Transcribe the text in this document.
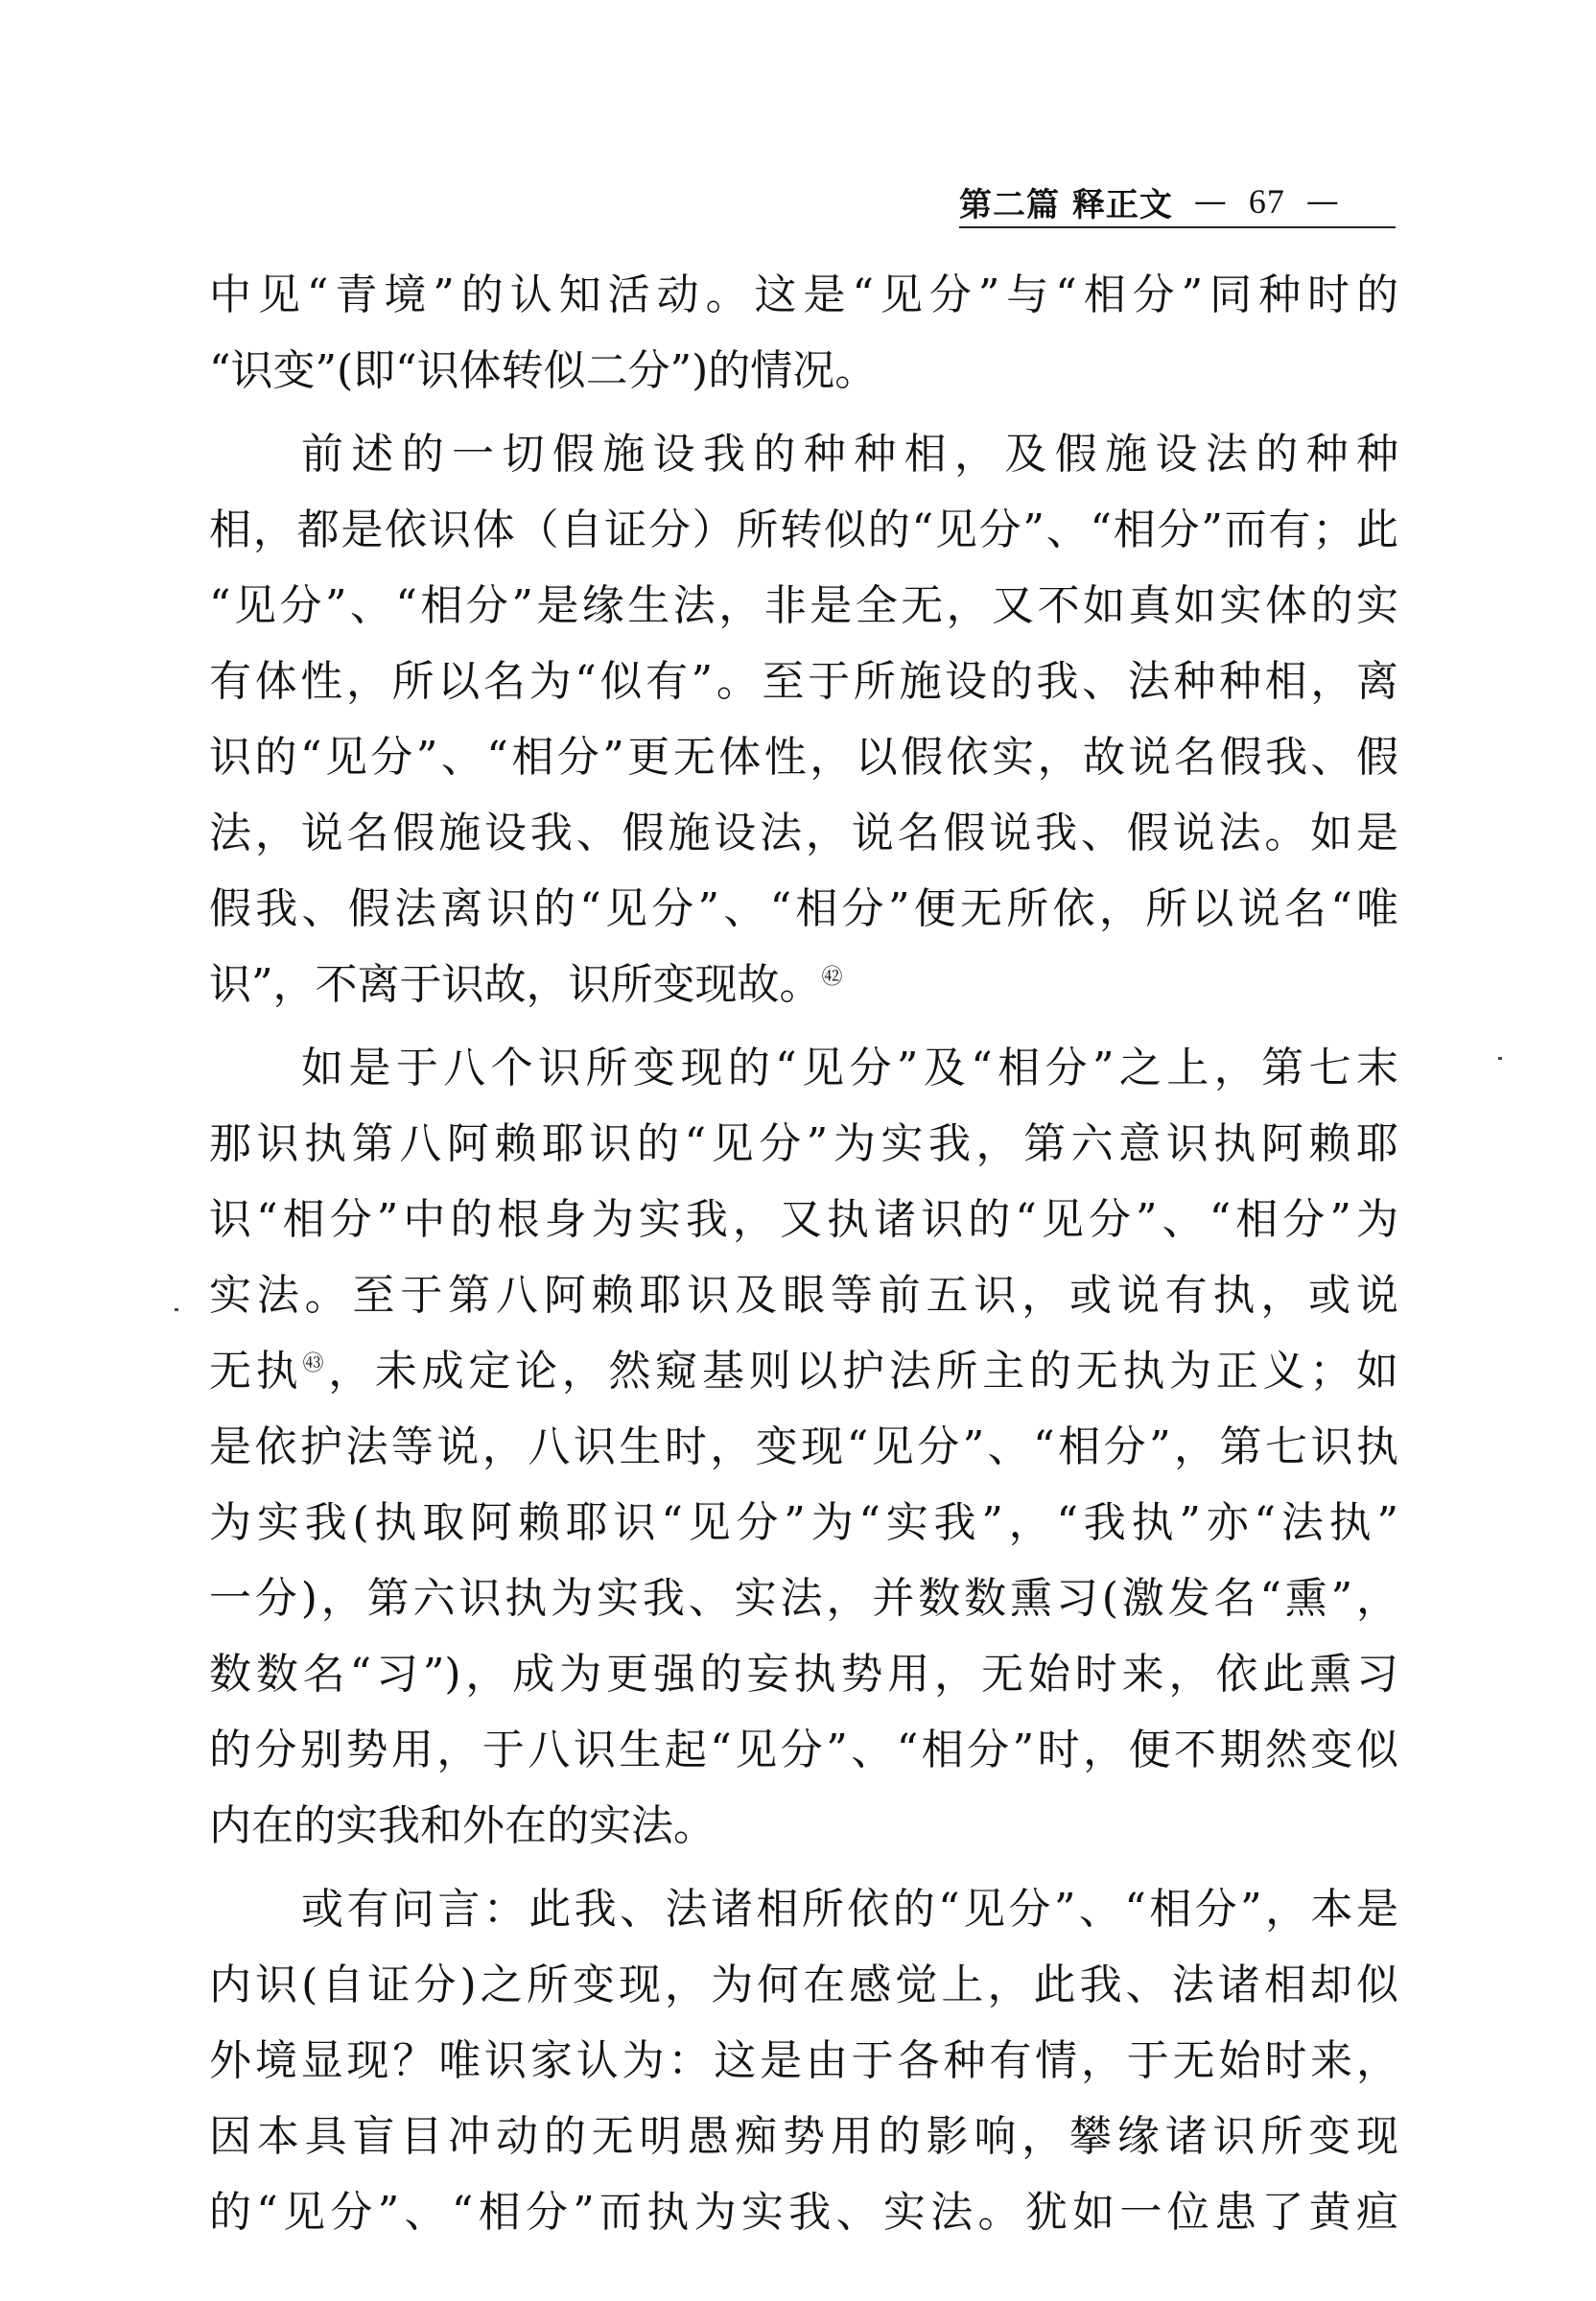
第二篇 释正文 — 67 —
中见“青境”的认知活动。这是“见分”与“相分”同种时的
“识变”(即“识体转似二分”)的情况。
前述的一切假施设我的种种相，及假施设法的种种
相，都是依识体（自证分）所转似的“见分”、“相分”而有；此
“见分”、“相分”是缘生法，非是全无，又不如真如实体的实
有体性，所以名为“似有”。至于所施设的我、法种种相，离
识的“见分”、“相分”更无体性，以假依实，故说名假我、假
法，说名假施设我、假施设法，说名假说我、假说法。如是
假我、假法离识的“见分”、“相分”便无所依，所以说名“唯
识”，不离于识故，识所变现故。$^㊷$
如是于八个识所变现的“见分”及“相分”之上，第七末
那识执第八阿赖耶识的“见分”为实我，第六意识执阿赖耶
识“相分”中的根身为实我，又执诸识的“见分”、“相分”为
实法。至于第八阿赖耶识及眼等前五识，或说有执，或说
无执$^㊸$，未成定论，然窥基则以护法所主的无执为正义；如
是依护法等说，八识生时，变现“见分”、“相分”，第七识执
为实我(执取阿赖耶识“见分”为“实我”，“我执”亦“法执”
一分)，第六识执为实我、实法，并数数熏习(激发名“熏”，
数数名“习”)，成为更强的妄执势用，无始时来，依此熏习
的分别势用，于八识生起“见分”、“相分”时，便不期然变似
内在的实我和外在的实法。
或有问言：此我、法诸相所依的“见分”、“相分”，本是
内识(自证分)之所变现，为何在感觉上，此我、法诸相却似
外境显现？唯识家认为：这是由于各种有情，于无始时来，
因本具盲目冲动的无明愚痴势用的影响，攀缘诸识所变现
的“见分”、“相分”而执为实我、实法。犹如一位患了黄疸
